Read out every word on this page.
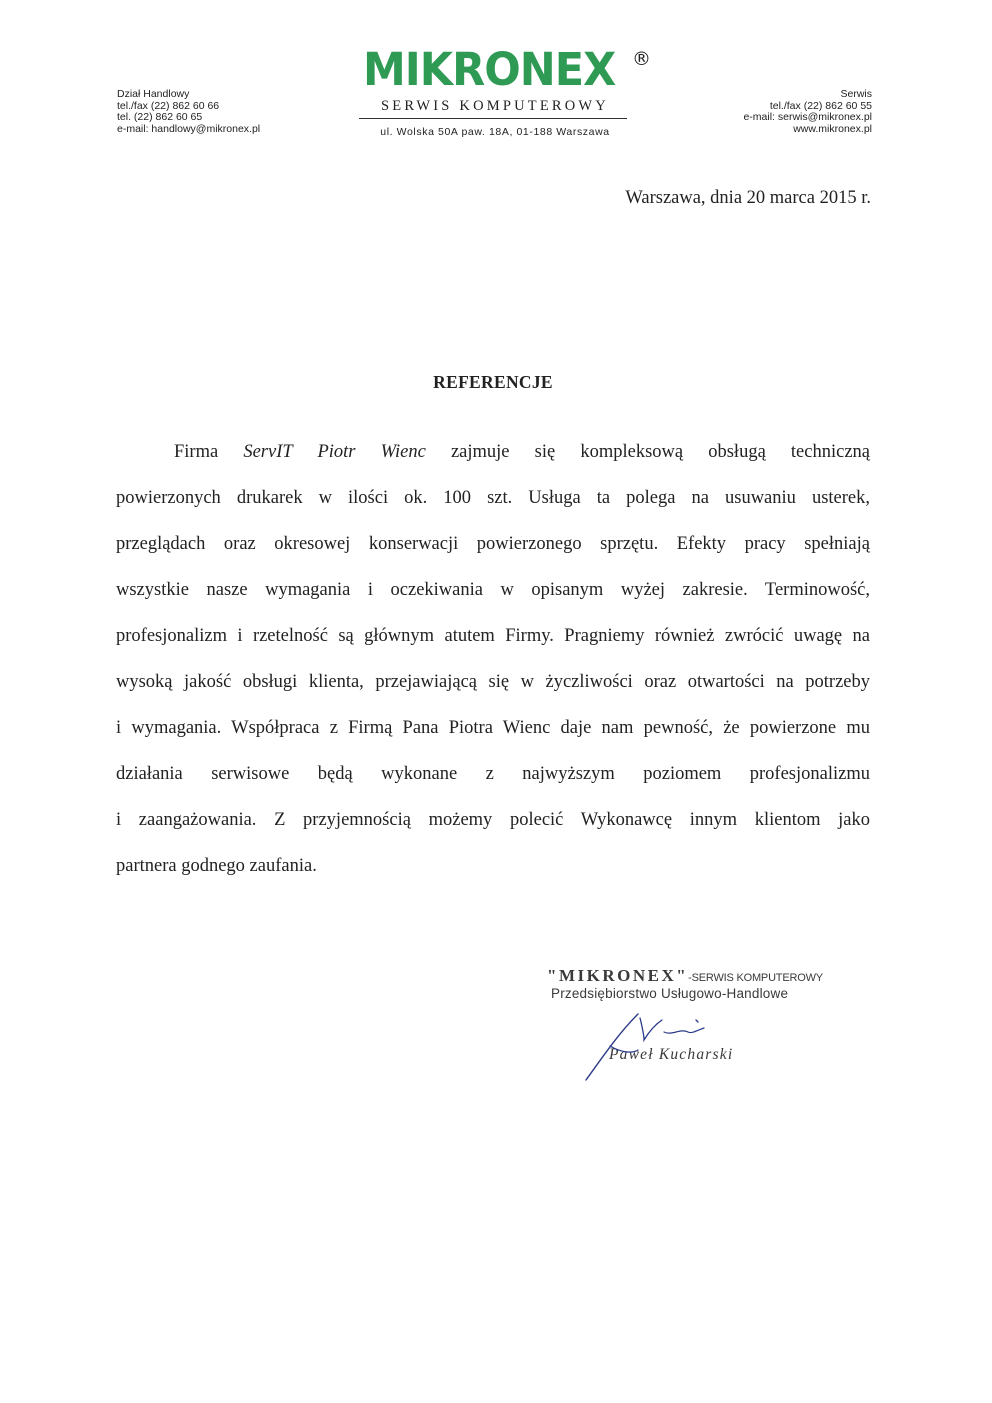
Dział Handlowy
tel./fax (22) 862 60 66
tel. (22) 862 60 65
e-mail: handlowy@mikronex.pl
MIKRONEX ®
SERWIS KOMPUTEROWY
ul. Wolska 50A paw. 18A, 01-188 Warszawa
Serwis
tel./fax (22) 862 60 55
e-mail: serwis@mikronex.pl
www.mikronex.pl
Warszawa, dnia 20 marca 2015 r.
REFERENCJE
Firma ServIT Piotr Wienc zajmuje się kompleksową obsługą techniczną
powierzonych drukarek w ilości ok. 100 szt. Usługa ta polega na usuwaniu usterek,
przeglądach oraz okresowej konserwacji powierzonego sprzętu. Efekty pracy spełniają
wszystkie nasze wymagania i oczekiwania w opisanym wyżej zakresie. Terminowość,
profesjonalizm i rzetelność są głównym atutem Firmy. Pragniemy również zwrócić uwagę na
wysoką jakość obsługi klienta, przejawiającą się w życzliwości oraz otwartości na potrzeby
i wymagania. Współpraca z Firmą Pana Piotra Wienc daje nam pewność, że powierzone mu
działania serwisowe będą wykonane z najwyższym poziomem profesjonalizmu
i zaangażowania. Z przyjemnością możemy polecić Wykonawcę innym klientom jako
partnera godnego zaufania.
"MIKRONEX"-SERWIS KOMPUTEROWY
Przedsiębiorstwo Usługowo-Handlowe
Paweł Kucharski
